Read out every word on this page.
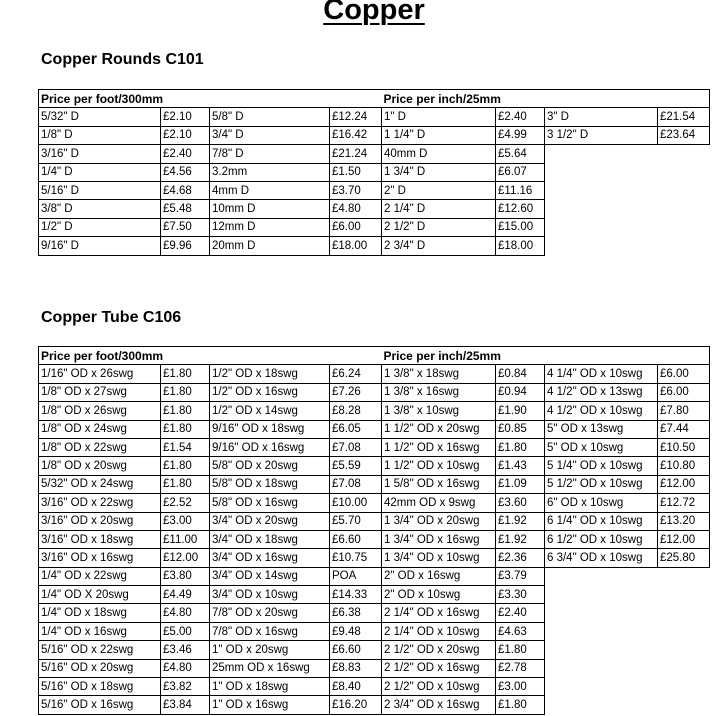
Copper
Copper Rounds C101
Price per foot/300mm				Price per inch/25mm			
5/32" D	£2.10	5/8" D	£12.24	1" D	£2.40	3" D	£21.54
1/8" D	£2.10	3/4" D	£16.42	1 1/4" D	£4.99	3 1/2" D	£23.64
3/16" D	£2.40	7/8" D	£21.24	40mm D	£5.64		
1/4" D	£4.56	3.2mm	£1.50	1 3/4" D	£6.07		
5/16" D	£4.68	4mm D	£3.70	2" D	£11.16		
3/8" D	£5.48	10mm D	£4.80	2 1/4" D	£12.60		
1/2" D	£7.50	12mm D	£6.00	2 1/2" D	£15.00		
9/16" D	£9.96	20mm D	£18.00	2 3/4" D	£18.00		
Copper Tube C106
Price per foot/300mm				Price per inch/25mm			
1/16" OD x 26swg	£1.80	1/2" OD x 18swg	£6.24	1 3/8" x 18swg	£0.84	4 1/4" OD x 10swg	£6.00
1/8" OD x 27swg	£1.80	1/2" OD x 16swg	£7.26	1 3/8" x 16swg	£0.94	4 1/2" OD x 13swg	£6.00
1/8" OD x 26swg	£1.80	1/2" OD x 14swg	£8.28	1 3/8" x 10swg	£1.90	4 1/2" OD x 10swg	£7.80
1/8" OD x 24swg	£1.80	9/16" OD x 18swg	£6.05	1 1/2" OD x 20swg	£0.85	5" OD x 13swg	£7.44
1/8" OD x 22swg	£1.54	9/16" OD x 16swg	£7.08	1 1/2" OD x 16swg	£1.80	5" OD x 10swg	£10.50
1/8" OD x 20swg	£1.80	5/8" OD x 20swg	£5.59	1 1/2" OD x 10swg	£1.43	5 1/4" OD x 10swg	£10.80
5/32" OD x 24swg	£1.80	5/8" OD x 18swg	£7.08	1 5/8" OD x 16swg	£1.09	5 1/2" OD x 10swg	£12.00
3/16" OD x 22swg	£2.52	5/8" OD x 16swg	£10.00	42mm OD x 9swg	£3.60	6" OD x 10swg	£12.72
3/16" OD x 20swg	£3.00	3/4" OD x 20swg	£5.70	1 3/4" OD x 20swg	£1.92	6 1/4" OD x 10swg	£13.20
3/16" OD x 18swg	£11.00	3/4" OD x 18swg	£6.60	1 3/4" OD x 16swg	£1.92	6 1/2" OD x 10swg	£12.00
3/16" OD x 16swg	£12.00	3/4" OD x 16swg	£10.75	1 3/4" OD x 10swg	£2.36	6 3/4" OD x 10swg	£25.80
1/4" OD x 22swg	£3.80	3/4" OD x 14swg	POA	2" OD x 16swg	£3.79		
1/4" OD X 20swg	£4.49	3/4" OD x 10swg	£14.33	2" OD x 10swg	£3.30		
1/4" OD x 18swg	£4.80	7/8" OD x 20swg	£6.38	2 1/4" OD x 16swg	£2.40		
1/4" OD x 16swg	£5.00	7/8" OD x 16swg	£9.48	2 1/4" OD x 10swg	£4.63		
5/16" OD x 22swg	£3.46	1" OD x 20swg	£6.60	2 1/2" OD x 20swg	£1.80		
5/16" OD x 20swg	£4.80	25mm OD x 16swg	£8.83	2 1/2" OD x 16swg	£2.78		
5/16" OD x 18swg	£3.82	1" OD x 18swg	£8.40	2 1/2" OD x 10swg	£3.00		
5/16" OD x 16swg	£3.84	1" OD x 16swg	£16.20	2 3/4" OD x 16swg	£1.80		
